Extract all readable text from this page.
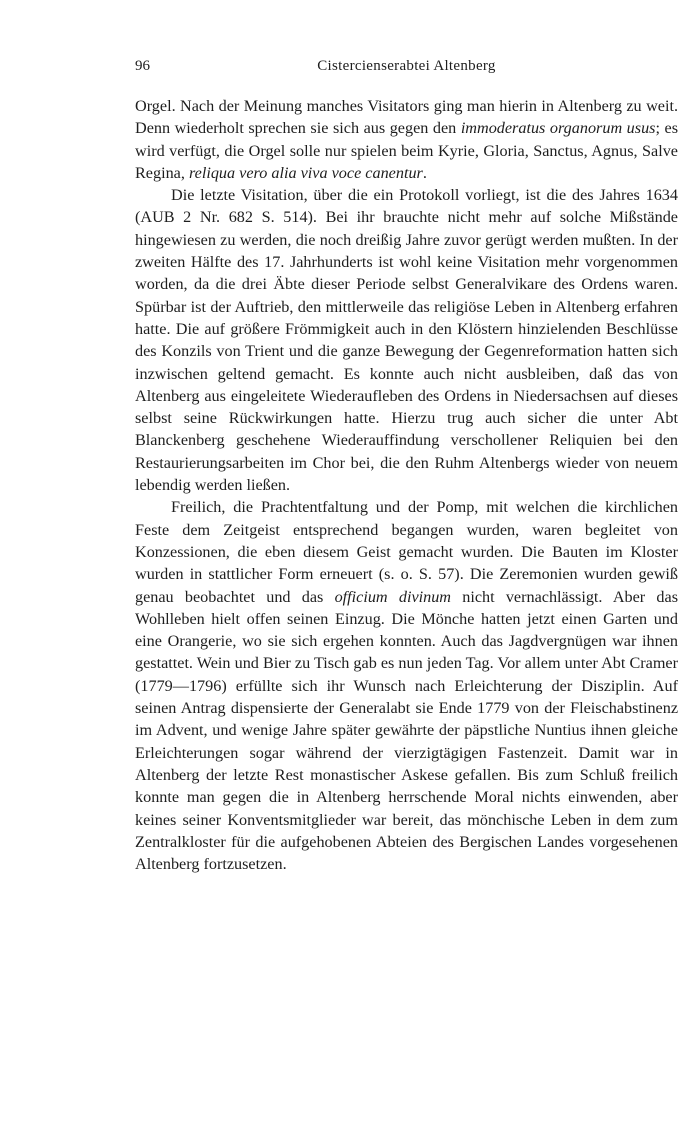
96	Cistercienserabtei Altenberg

Orgel. Nach der Meinung manches Visitators ging man hierin in Altenberg zu weit. Denn wiederholt sprechen sie sich aus gegen den immoderatus organorum usus; es wird verfügt, die Orgel solle nur spielen beim Kyrie, Gloria, Sanctus, Agnus, Salve Regina, reliqua vero alia viva voce canentur.

Die letzte Visitation, über die ein Protokoll vorliegt, ist die des Jahres 1634 (AUB 2 Nr. 682 S. 514). Bei ihr brauchte nicht mehr auf solche Mißstände hingewiesen zu werden, die noch dreißig Jahre zuvor gerügt werden mußten. In der zweiten Hälfte des 17. Jahrhunderts ist wohl keine Visitation mehr vorgenommen worden, da die drei Äbte dieser Periode selbst Generalvikare des Ordens waren. Spürbar ist der Auftrieb, den mittlerweile das religiöse Leben in Altenberg erfahren hatte. Die auf größere Frömmigkeit auch in den Klöstern hinzielenden Beschlüsse des Konzils von Trient und die ganze Bewegung der Gegenreformation hatten sich inzwischen geltend gemacht. Es konnte auch nicht ausbleiben, daß das von Altenberg aus eingeleitete Wiederaufleben des Ordens in Niedersachsen auf dieses selbst seine Rückwirkungen hatte. Hierzu trug auch sicher die unter Abt Blanckenberg geschehene Wiederauffindung verschollener Reliquien bei den Restaurierungsarbeiten im Chor bei, die den Ruhm Altenbergs wieder von neuem lebendig werden ließen.

Freilich, die Prachtentfaltung und der Pomp, mit welchen die kirchlichen Feste dem Zeitgeist entsprechend begangen wurden, waren begleitet von Konzessionen, die eben diesem Geist gemacht wurden. Die Bauten im Kloster wurden in stattlicher Form erneuert (s. o. S. 57). Die Zeremonien wurden gewiß genau beobachtet und das officium divinum nicht vernachlässigt. Aber das Wohlleben hielt offen seinen Einzug. Die Mönche hatten jetzt einen Garten und eine Orangerie, wo sie sich ergehen konnten. Auch das Jagdvergnügen war ihnen gestattet. Wein und Bier zu Tisch gab es nun jeden Tag. Vor allem unter Abt Cramer (1779—1796) erfüllte sich ihr Wunsch nach Erleichterung der Disziplin. Auf seinen Antrag dispensierte der Generalabt sie Ende 1779 von der Fleischabstinenz im Advent, und wenige Jahre später gewährte der päpstliche Nuntius ihnen gleiche Erleichterungen sogar während der vierzigtägigen Fastenzeit. Damit war in Altenberg der letzte Rest monastischer Askese gefallen. Bis zum Schluß freilich konnte man gegen die in Altenberg herrschende Moral nichts einwenden, aber keines seiner Konventsmitglieder war bereit, das mönchische Leben in dem zum Zentralkloster für die aufgehobenen Abteien des Bergischen Landes vorgesehenen Altenberg fortzusetzen.
